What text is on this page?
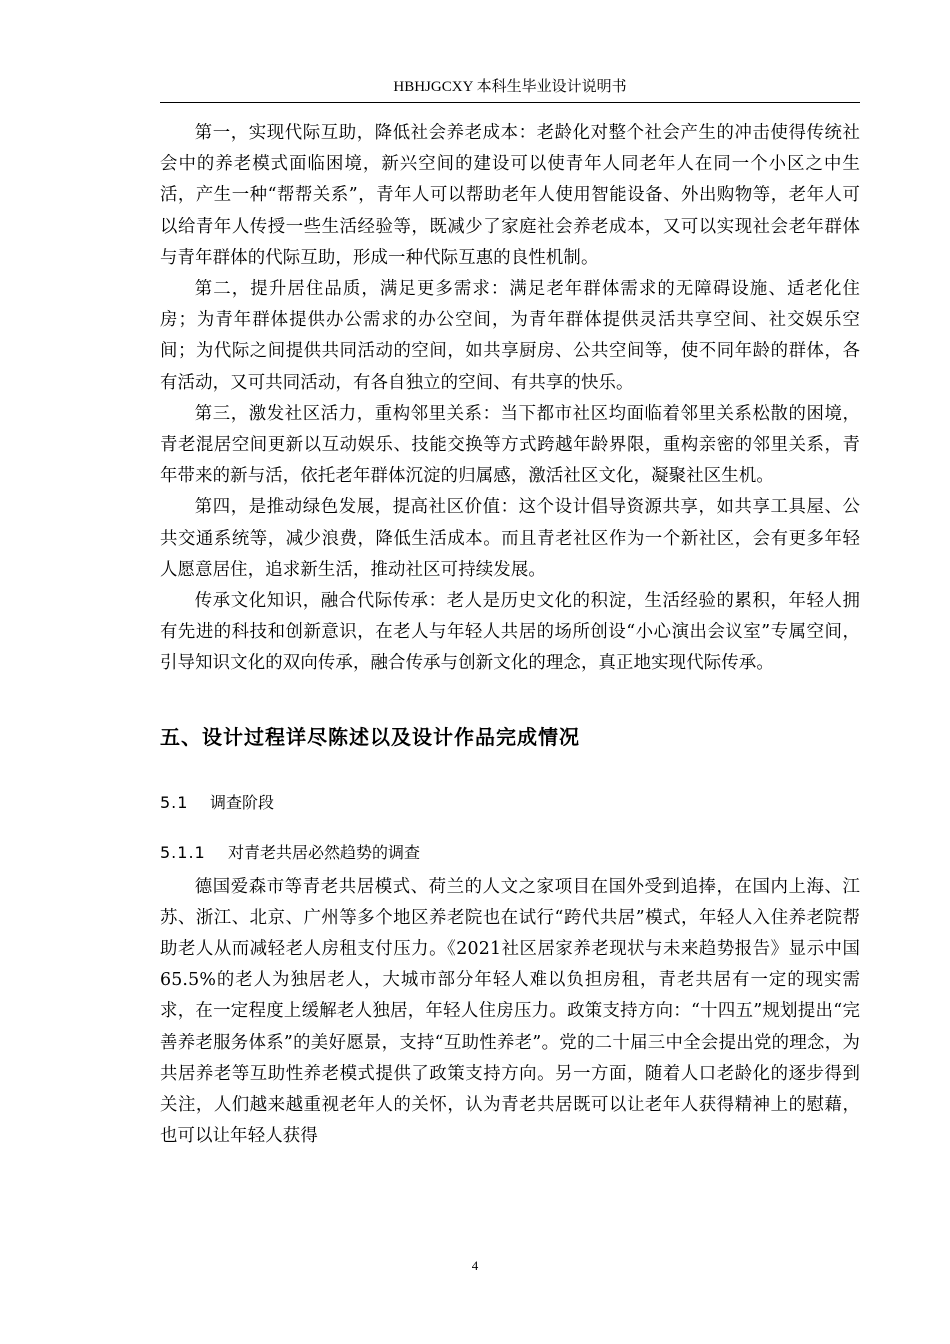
HBHJGCXY 本科生毕业设计说明书

第一，实现代际互助，降低社会养老成本：老龄化对整个社会产生的冲击使得传统社会中的养老模式面临困境，新兴空间的建设可以使青年人同老年人在同一个小区之中生活，产生一种“帮帮关系”，青年人可以帮助老年人使用智能设备、外出购物等，老年人可以给青年人传授一些生活经验等，既减少了家庭社会养老成本，又可以实现社会老年群体与青年群体的代际互助，形成一种代际互惠的良性机制。

第二，提升居住品质，满足更多需求：满足老年群体需求的无障碍设施、适老化住房；为青年群体提供办公需求的办公空间，为青年群体提供灵活共享空间、社交娱乐空间；为代际之间提供共同活动的空间，如共享厨房、公共空间等，使不同年龄的群体，各有活动，又可共同活动，有各自独立的空间、有共享的快乐。

第三，激发社区活力，重构邻里关系：当下都市社区均面临着邻里关系松散的困境，青老混居空间更新以互动娱乐、技能交换等方式跨越年龄界限，重构亲密的邻里关系，青年带来的新与活，依托老年群体沉淀的归属感，激活社区文化，凝聚社区生机。

第四，是推动绿色发展，提高社区价值：这个设计倡导资源共享，如共享工具屋、公共交通系统等，减少浪费，降低生活成本。而且青老社区作为一个新社区，会有更多年轻人愿意居住，追求新生活，推动社区可持续发展。

传承文化知识，融合代际传承：老人是历史文化的积淀，生活经验的累积，年轻人拥有先进的科技和创新意识，在老人与年轻人共居的场所创设“小心演出会议室”专属空间，引导知识文化的双向传承，融合传承与创新文化的理念，真正地实现代际传承。

五、设计过程详尽陈述以及设计作品完成情况
5.1 调查阶段
5.1.1 对青老共居必然趋势的调查

德国爱森市等青老共居模式、荷兰的人文之家项目在国外受到追捧，在国内上海、江苏、浙江、北京、广州等多个地区养老院也在试行“跨代共居”模式，年轻人入住养老院帮助老人从而减轻老人房租支付压力。《2021社区居家养老现状与未来趋势报告》显示中国65.5%的老人为独居老人，大城市部分年轻人难以负担房租，青老共居有一定的现实需求，在一定程度上缓解老人独居，年轻人住房压力。政策支持方向：“十四五”规划提出“完善养老服务体系”的美好愿景，支持“互助性养老”。党的二十届三中全会提出党的理念，为共居养老等互助性养老模式提供了政策支持方向。另一方面，随着人口老龄化的逐步得到关注，人们越来越重视老年人的关怀，认为青老共居既可以让老年人获得精神上的慰藉，也可以让年轻人获得

4
